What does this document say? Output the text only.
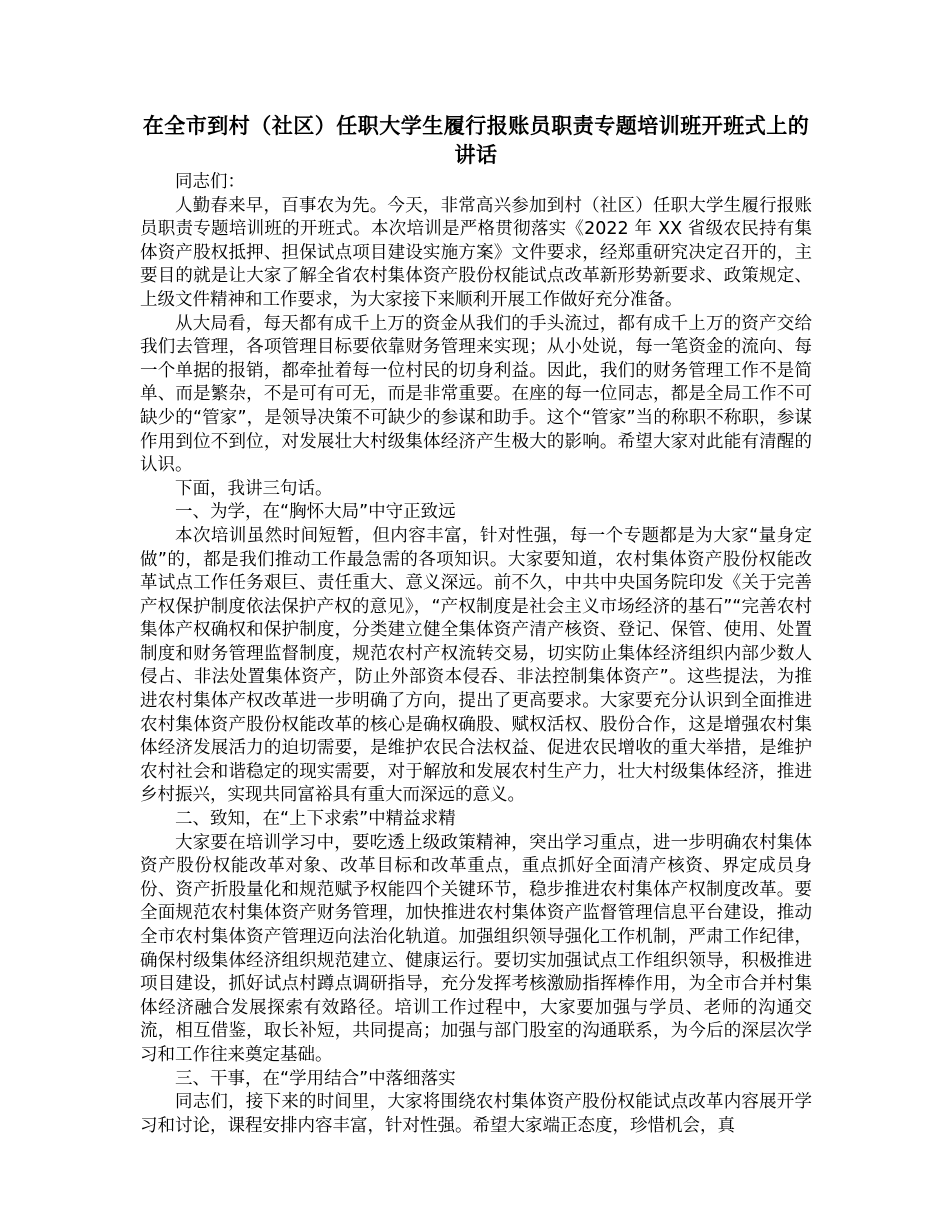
在全市到村（社区）任职大学生履行报账员职责专题培训班开班式上的讲话

同志们：

人勤春来早，百事农为先。今天，非常高兴参加到村（社区）任职大学生履行报账员职责专题培训班的开班式。本次培训是严格贯彻落实《2022 年 XX 省级农民持有集体资产股权抵押、担保试点项目建设实施方案》文件要求，经郑重研究决定召开的，主要目的就是让大家了解全省农村集体资产股份权能试点改革新形势新要求、政策规定、上级文件精神和工作要求，为大家接下来顺利开展工作做好充分准备。

从大局看，每天都有成千上万的资金从我们的手头流过，都有成千上万的资产交给我们去管理，各项管理目标要依靠财务管理来实现；从小处说，每一笔资金的流向、每一个单据的报销，都牵扯着每一位村民的切身利益。因此，我们的财务管理工作不是简单、而是繁杂，不是可有可无，而是非常重要。在座的每一位同志，都是全局工作不可缺少的“管家”，是领导决策不可缺少的参谋和助手。这个“管家”当的称职不称职，参谋作用到位不到位，对发展壮大村级集体经济产生极大的影响。希望大家对此能有清醒的认识。

下面，我讲三句话。

一、为学，在“胸怀大局”中守正致远

本次培训虽然时间短暂，但内容丰富，针对性强，每一个专题都是为大家“量身定做”的，都是我们推动工作最急需的各项知识。大家要知道，农村集体资产股份权能改革试点工作任务艰巨、责任重大、意义深远。前不久，中共中央国务院印发《关于完善产权保护制度依法保护产权的意见》，“产权制度是社会主义市场经济的基石”“完善农村集体产权确权和保护制度，分类建立健全集体资产清产核资、登记、保管、使用、处置制度和财务管理监督制度，规范农村产权流转交易，切实防止集体经济组织内部少数人侵占、非法处置集体资产，防止外部资本侵吞、非法控制集体资产”。这些提法，为推进农村集体产权改革进一步明确了方向，提出了更高要求。大家要充分认识到全面推进农村集体资产股份权能改革的核心是确权确股、赋权活权、股份合作，这是增强农村集体经济发展活力的迫切需要，是维护农民合法权益、促进农民增收的重大举措，是维护农村社会和谐稳定的现实需要，对于解放和发展农村生产力，壮大村级集体经济，推进乡村振兴，实现共同富裕具有重大而深远的意义。

二、致知，在“上下求索”中精益求精

大家要在培训学习中，要吃透上级政策精神，突出学习重点，进一步明确农村集体资产股份权能改革对象、改革目标和改革重点，重点抓好全面清产核资、界定成员身份、资产折股量化和规范赋予权能四个关键环节，稳步推进农村集体产权制度改革。要全面规范农村集体资产财务管理，加快推进农村集体资产监督管理信息平台建设，推动全市农村集体资产管理迈向法治化轨道。加强组织领导强化工作机制，严肃工作纪律，确保村级集体经济组织规范建立、健康运行。要切实加强试点工作组织领导，积极推进项目建设，抓好试点村蹲点调研指导，充分发挥考核激励指挥棒作用，为全市合并村集体经济融合发展探索有效路径。培训工作过程中，大家要加强与学员、老师的沟通交流，相互借鉴，取长补短，共同提高；加强与部门股室的沟通联系，为今后的深层次学习和工作往来奠定基础。

三、干事，在“学用结合”中落细落实

同志们，接下来的时间里，大家将围绕农村集体资产股份权能试点改革内容展开学习和讨论，课程安排内容丰富，针对性强。希望大家端正态度，珍惜机会，真
